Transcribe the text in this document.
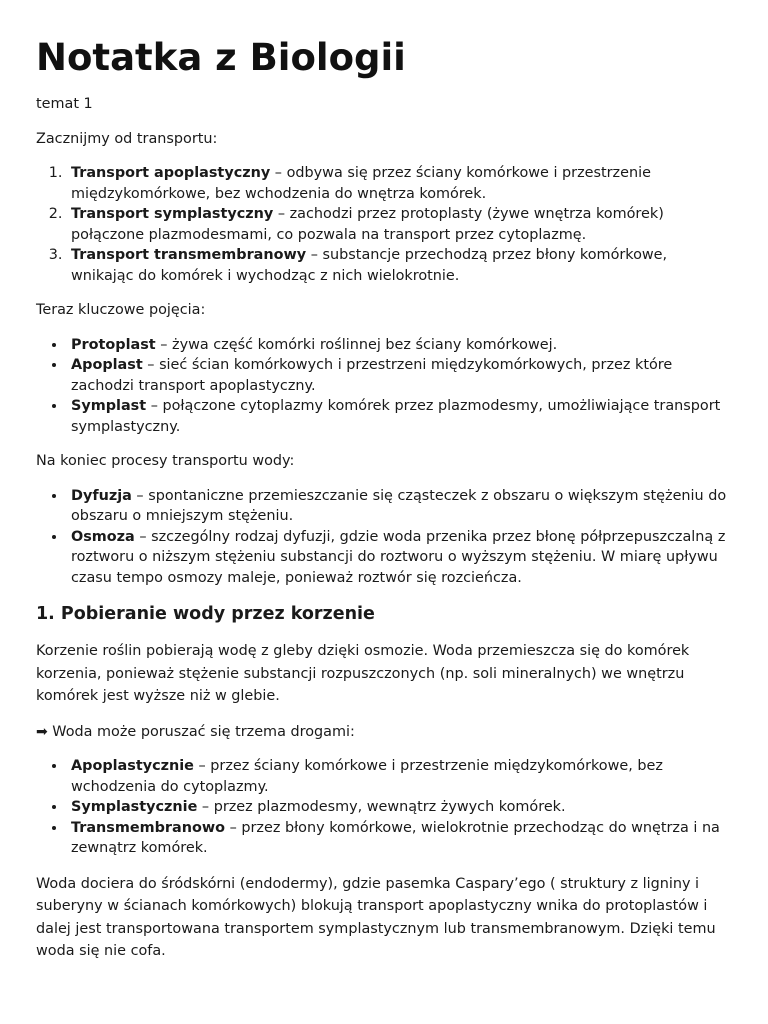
Notatka z Biologii

temat 1

Zacznijmy od transportu:

1. Transport apoplastyczny – odbywa się przez ściany komórkowe i przestrzenie międzykomórkowe, bez wchodzenia do wnętrza komórek.
2. Transport symplastyczny – zachodzi przez protoplasty (żywe wnętrza komórek) połączone plazmodesmami, co pozwala na transport przez cytoplazmę.
3. Transport transmembranowy – substancje przechodzą przez błony komórkowe, wnikając do komórek i wychodząc z nich wielokrotnie.

Teraz kluczowe pojęcia:

• Protoplast – żywa część komórki roślinnej bez ściany komórkowej.
• Apoplast – sieć ścian komórkowych i przestrzeni międzykomórkowych, przez które zachodzi transport apoplastyczny.
• Symplast – połączone cytoplazmy komórek przez plazmodesmy, umożliwiające transport symplastyczny.

Na koniec procesy transportu wody:

• Dyfuzja – spontaniczne przemieszczanie się cząsteczek z obszaru o większym stężeniu do obszaru o mniejszym stężeniu.
• Osmoza – szczególny rodzaj dyfuzji, gdzie woda przenika przez błonę półprzepuszczalną z roztworu o niższym stężeniu substancji do roztworu o wyższym stężeniu. W miarę upływu czasu tempo osmozy maleje, ponieważ roztwór się rozcieńcza.
1. Pobieranie wody przez korzenie

Korzenie roślin pobierają wodę z gleby dzięki osmozie. Woda przemieszcza się do komórek korzenia, ponieważ stężenie substancji rozpuszczonych (np. soli mineralnych) we wnętrzu komórek jest wyższe niż w glebie.

➡ Woda może poruszać się trzema drogami:

• Apoplastycznie – przez ściany komórkowe i przestrzenie międzykomórkowe, bez wchodzenia do cytoplazmy.
• Symplastycznie – przez plazmodesmy, wewnątrz żywych komórek.
• Transmembranowo – przez błony komórkowe, wielokrotnie przechodząc do wnętrza i na zewnątrz komórek.

Woda dociera do śródskórni (endodermy), gdzie pasemka Caspary’ego ( struktury z ligniny i suberyny w ścianach komórkowych) blokują transport apoplastyczny wnika do protoplastów i dalej jest transportowana transportem symplastycznym lub transmembranowym. Dzięki temu woda się nie cofa.
